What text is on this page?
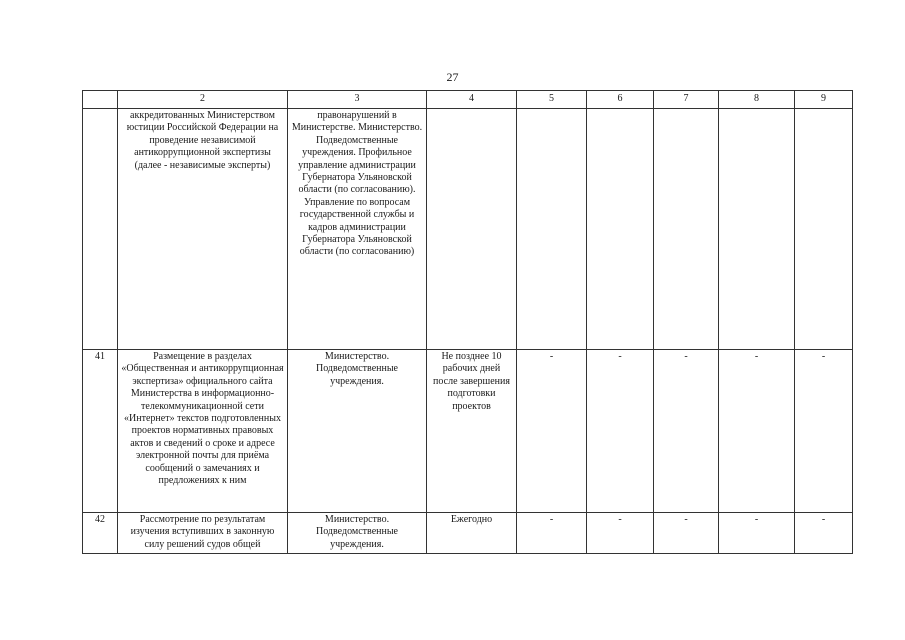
27
	2	3	4	5	6	7	8	9
	аккредитованных Министерством юстиции Российской Федерации на проведение независимой антикоррупционной экспертизы (далее - независимые эксперты)	правонарушений в Министерстве. Министерство. Подведомственные учреждения. Профильное управление администрации Губернатора Ульяновской области (по согласованию). Управление по вопросам государственной службы и кадров администрации Губернатора Ульяновской области (по согласованию)						
41	Размещение в разделах «Общественная и антикоррупционная экспертиза» официального сайта Министерства в информационно-телекоммуникационной сети «Интернет» текстов подготовленных проектов нормативных правовых актов и сведений о сроке и адресе электронной почты для приёма сообщений о замечаниях и предложениях к ним	Министерство. Подведомственные учреждения.	Не позднее 10 рабочих дней после завершения подготовки проектов	-	-	-	-	-
42	Рассмотрение по результатам изучения вступивших в законную силу решений судов общей	Министерство. Подведомственные учреждения.	Ежегодно	-	-	-	-	-
